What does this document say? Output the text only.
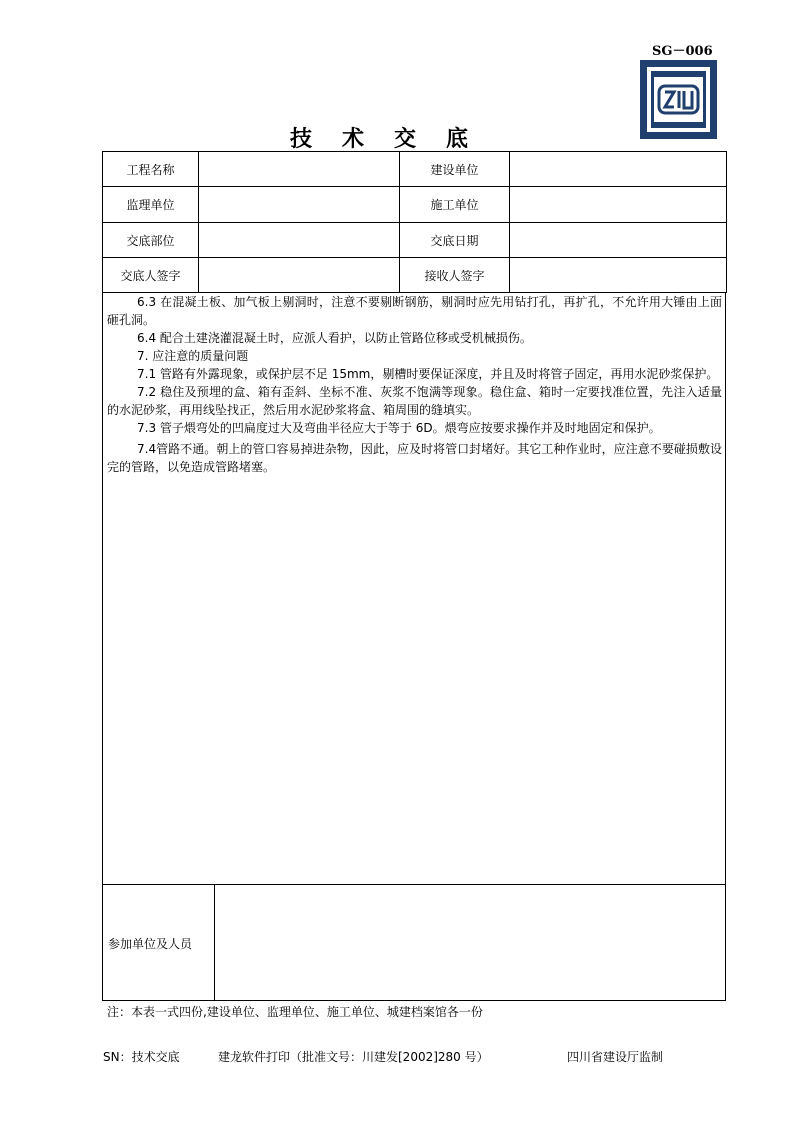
SG－006
技术交底
工程名称		建设单位	
监理单位		施工单位	
交底部位		交底日期	
交底人签字		接收人签字	

6.3 在混凝土板、加气板上剔洞时，注意不要剔断钢筋，剔洞时应先用钻打孔，再扩孔，不允许用大锤由上面砸孔洞。

6.4 配合土建浇灌混凝土时，应派人看护，以防止管路位移或受机械损伤。

7. 应注意的质量问题

7.1 管路有外露现象，或保护层不足 15mm，剔槽时要保证深度，并且及时将管子固定，再用水泥砂浆保护。

7.2 稳住及预埋的盒、箱有歪斜、坐标不准、灰浆不饱满等现象。稳住盒、箱时一定要找准位置，先注入适量的水泥砂浆，再用线坠找正，然后用水泥砂浆将盒、箱周围的缝填实。

7.3 管子煨弯处的凹扁度过大及弯曲半径应大于等于 6D。煨弯应按要求操作并及时地固定和保护。

7.4管路不通。朝上的管口容易掉进杂物，因此，应及时将管口封堵好。其它工种作业时，应注意不要碰损敷设完的管路，以免造成管路堵塞。

参加单位及人员
注：本表一式四份,建设单位、监理单位、施工单位、城建档案馆各一份
SN：技术交底	建龙软件打印（批准文号：川建发[2002]280 号）	四川省建设厅监制
